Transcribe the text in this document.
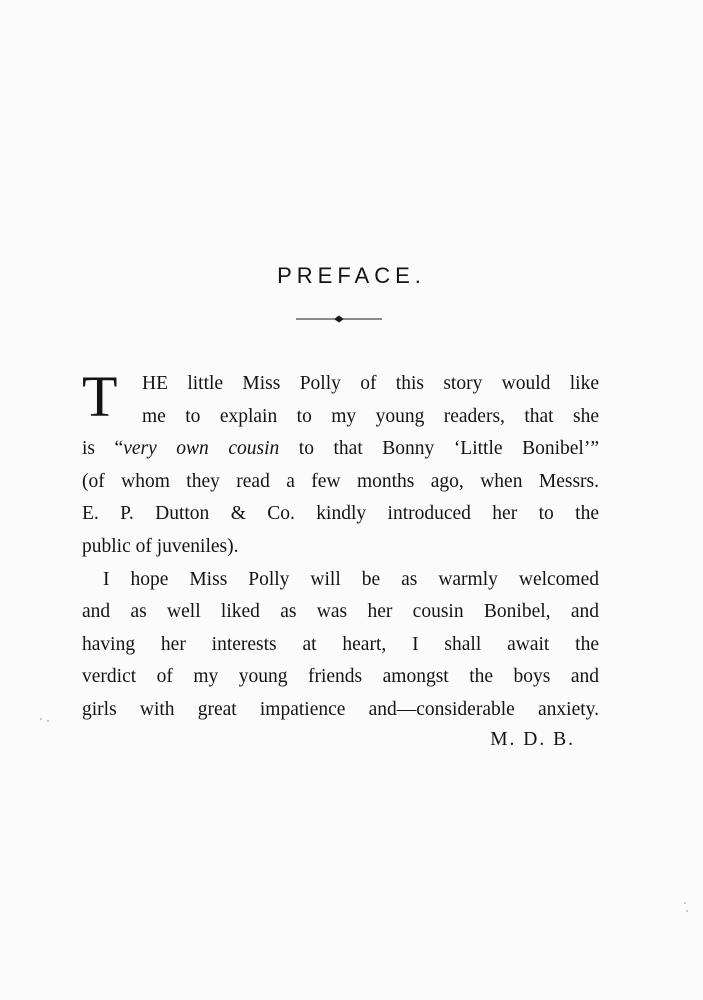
PREFACE.
T	HE little Miss Polly of this story would like
me to explain to my young readers, that she
is “very own cousin to that Bonny ‘Little Bonibel’”
(of whom they read a few months ago, when Messrs.
E. P. Dutton & Co. kindly introduced her to the
public of juveniles).
I hope Miss Polly will be as warmly welcomed
and as well liked as was her cousin Bonibel, and
having her interests at heart, I shall await the
verdict of my young friends amongst the boys and
girls with great impatience and—considerable anxiety.
M. D. B.
